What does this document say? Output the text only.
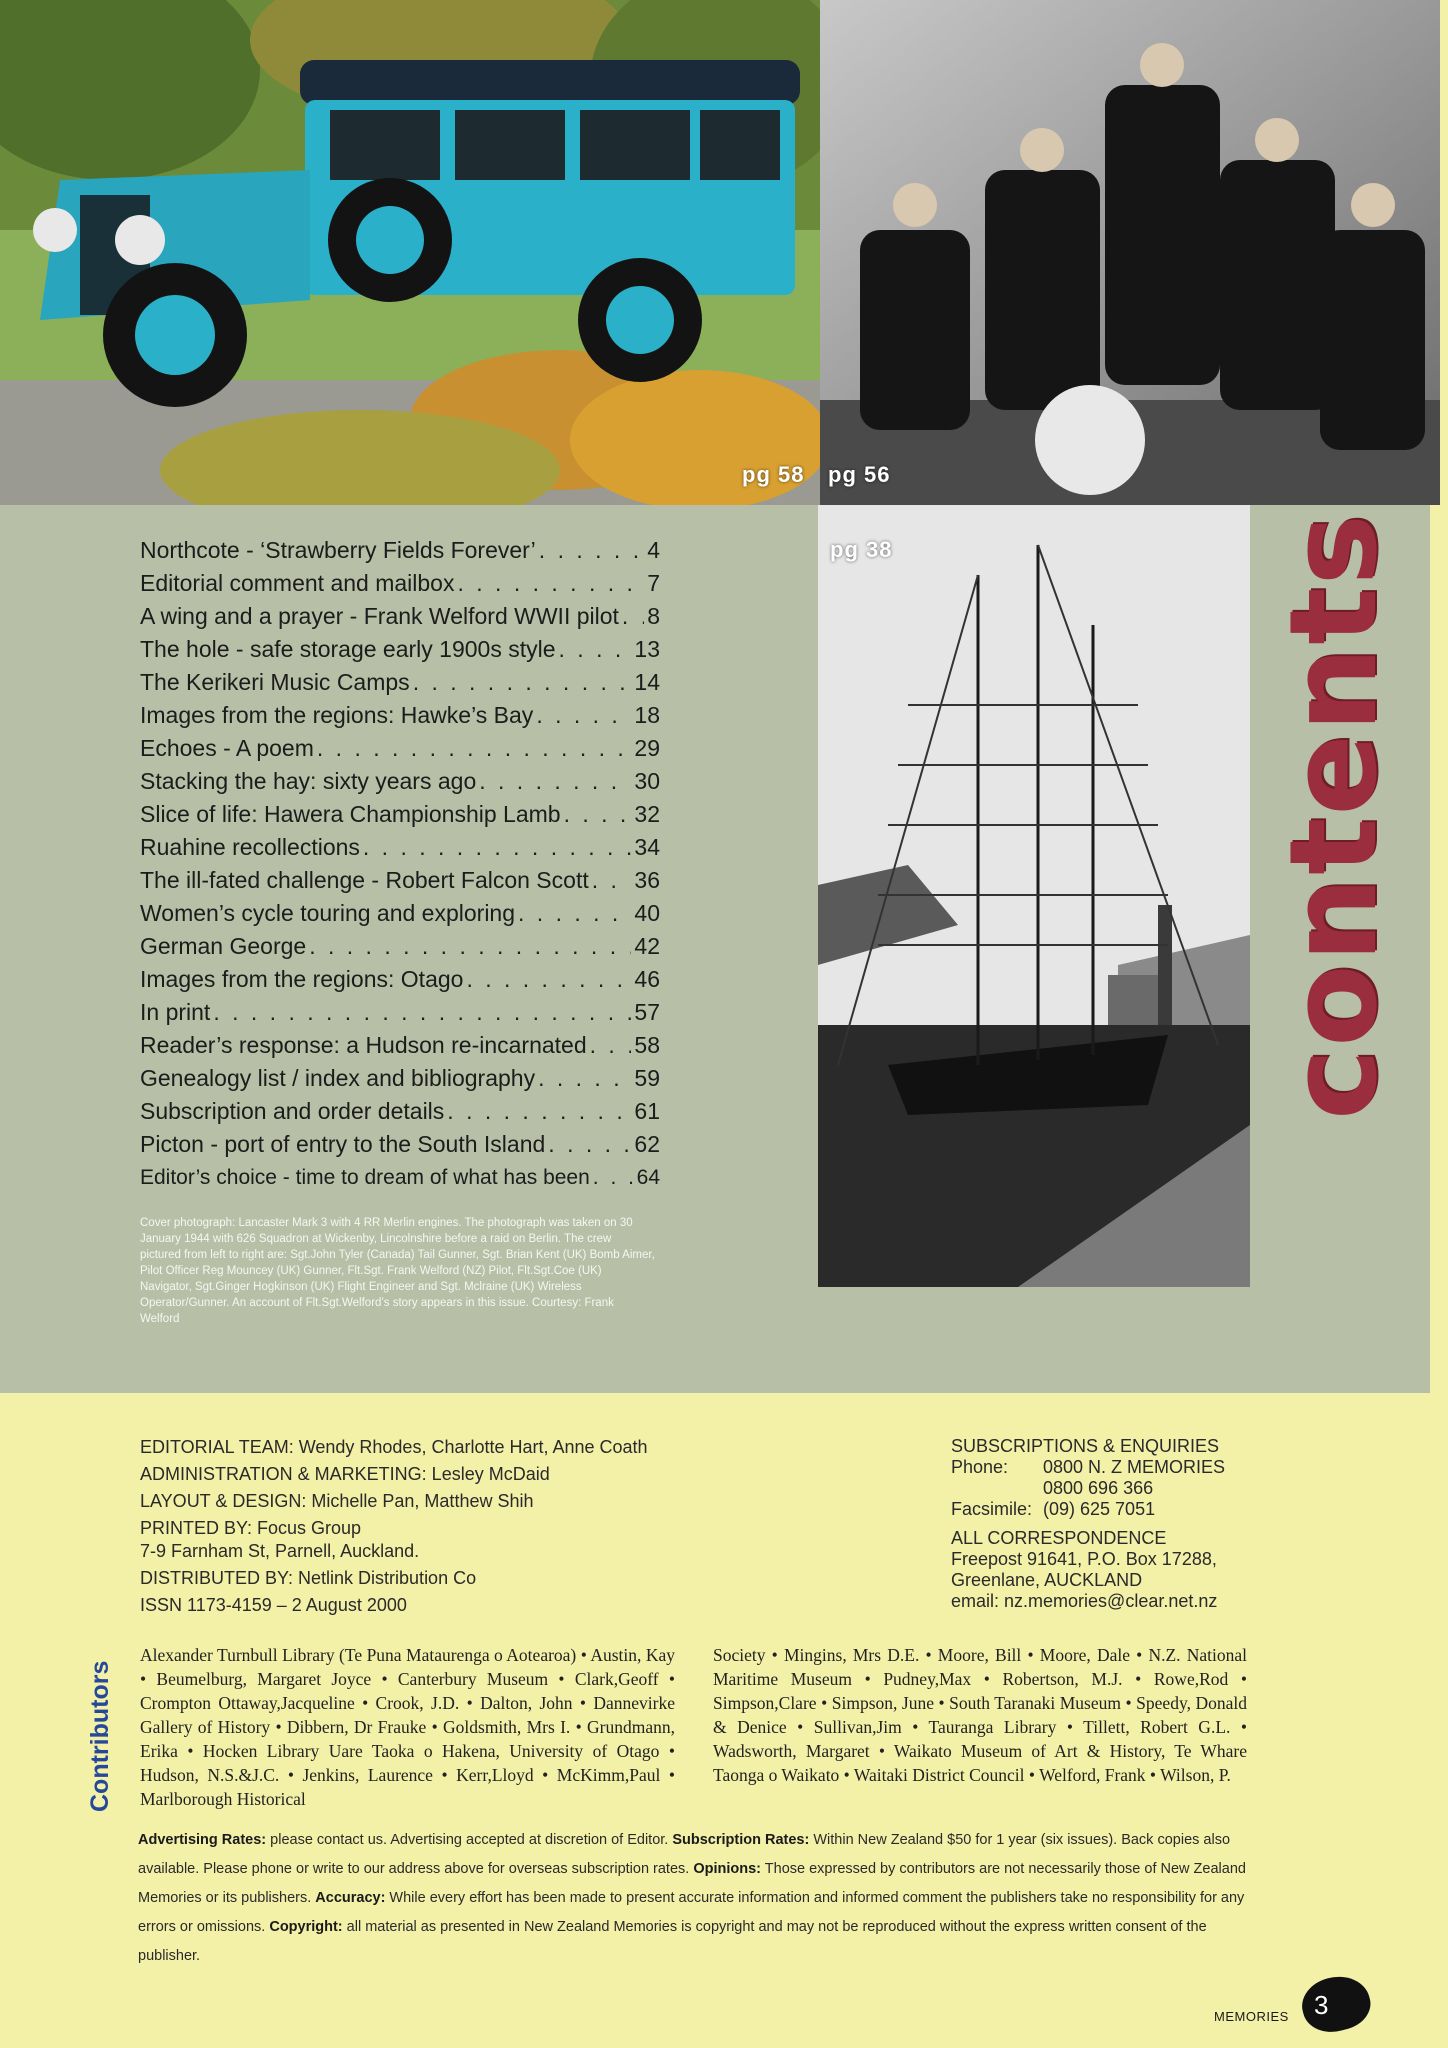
pg 58 pg 56
pg 38	contents
Northcote - ‘Strawberry Fields Forever’ . . .	4
Editorial comment and mailbox . . .	7
A wing and a prayer - Frank Welford WWII pilot . . . 8
The hole - safe storage early 1900s style . . .	13
The Kerikeri Music Camps . . .	14
Images from the regions: Hawke’s Bay . . .	18
Echoes - A poem . . .	29
Stacking the hay: sixty years ago . . .	30
Slice of life: Hawera Championship Lamb . . .	32
Ruahine recollections . . .	34
The ill-fated challenge - Robert Falcon Scott . . . 36
Women’s cycle touring and exploring . . .	40
German George . . .	42
Images from the regions: Otago . . .	46
In print . . .	57
Reader’s response: a Hudson re-incarnated . . . 58
Genealogy list / index and bibliography . . .	59
Subscription and order details . . .	61
Picton - port of entry to the South Island . . .	62
Editor’s choice - time to dream of what has been . . . 64
Cover photograph: Lancaster Mark 3 with 4 RR Merlin engines. The photograph was taken on 30 January 1944 with 626 Squadron at Wickenby, Lincolnshire before a raid on Berlin. The crew pictured from left to right are: Sgt.John Tyler (Canada) Tail Gunner, Sgt. Brian Kent (UK) Bomb Aimer, Pilot Officer Reg Mouncey (UK) Gunner, Flt.Sgt. Frank Welford (NZ) Pilot, Flt.Sgt.Coe (UK) Navigator, Sgt.Ginger Hogkinson (UK) Flight Engineer and Sgt. Mclraine (UK) Wireless Operator/Gunner. An account of Flt.Sgt.Welford’s story appears in this issue. Courtesy: Frank Welford

EDITORIAL TEAM: Wendy Rhodes, Charlotte Hart, Anne Coath

ADMINISTRATION & MARKETING: Lesley McDaid

LAYOUT & DESIGN: Michelle Pan, Matthew Shih

PRINTED BY: Focus Group

7-9 Farnham St, Parnell, Auckland.

DISTRIBUTED BY: Netlink Distribution Co

ISSN 1173-4159 – 2 August 2000

SUBSCRIPTIONS & ENQUIRIES

Phone:	0800 N. Z MEMORIES
0800 696 366
Facsimile: (09) 625 7051

ALL CORRESPONDENCE

Freepost 91641, P.O. Box 17288,

Greenlane, AUCKLAND

email: nz.memories@clear.net.nz

Contributors
Alexander Turnbull Library (Te Puna Mataurenga o Aotearoa) • Austin, Kay • Beumelburg, Margaret Joyce • Canterbury Museum • Clark,Geoff • Crompton Ottaway,Jacqueline • Crook, J.D. • Dalton, John • Dannevirke Gallery of History • Dibbern, Dr Frauke • Goldsmith, Mrs I. • Grundmann, Erika • Hocken Library Uare Taoka o Hakena, University of Otago • Hudson, N.S.&J.C. • Jenkins, Laurence • Kerr,Lloyd • McKimm,Paul • Marlborough Historical
Society • Mingins, Mrs D.E. • Moore, Bill • Moore, Dale • N.Z. National Maritime Museum • Pudney,Max • Robertson, M.J. • Rowe,Rod • Simpson,Clare • Simpson, June • South Taranaki Museum • Speedy, Donald & Denice • Sullivan,Jim • Tauranga Library • Tillett, Robert G.L. • Wadsworth, Margaret • Waikato Museum of Art & History, Te Whare Taonga o Waikato • Waitaki District Council • Welford, Frank • Wilson, P.
Advertising Rates: please contact us. Advertising accepted at discretion of Editor. Subscription Rates: Within New Zealand $50 for 1 year (six issues). Back copies also available. Please phone or write to our address above for overseas subscription rates. Opinions: Those expressed by contributors are not necessarily those of New Zealand Memories or its publishers. Accuracy: While every effort has been made to present accurate information and informed comment the publishers take no responsibility for any errors or omissions. Copyright: all material as presented in New Zealand Memories is copyright and may not be reproduced without the express written consent of the publisher.
MEMORIES 3
